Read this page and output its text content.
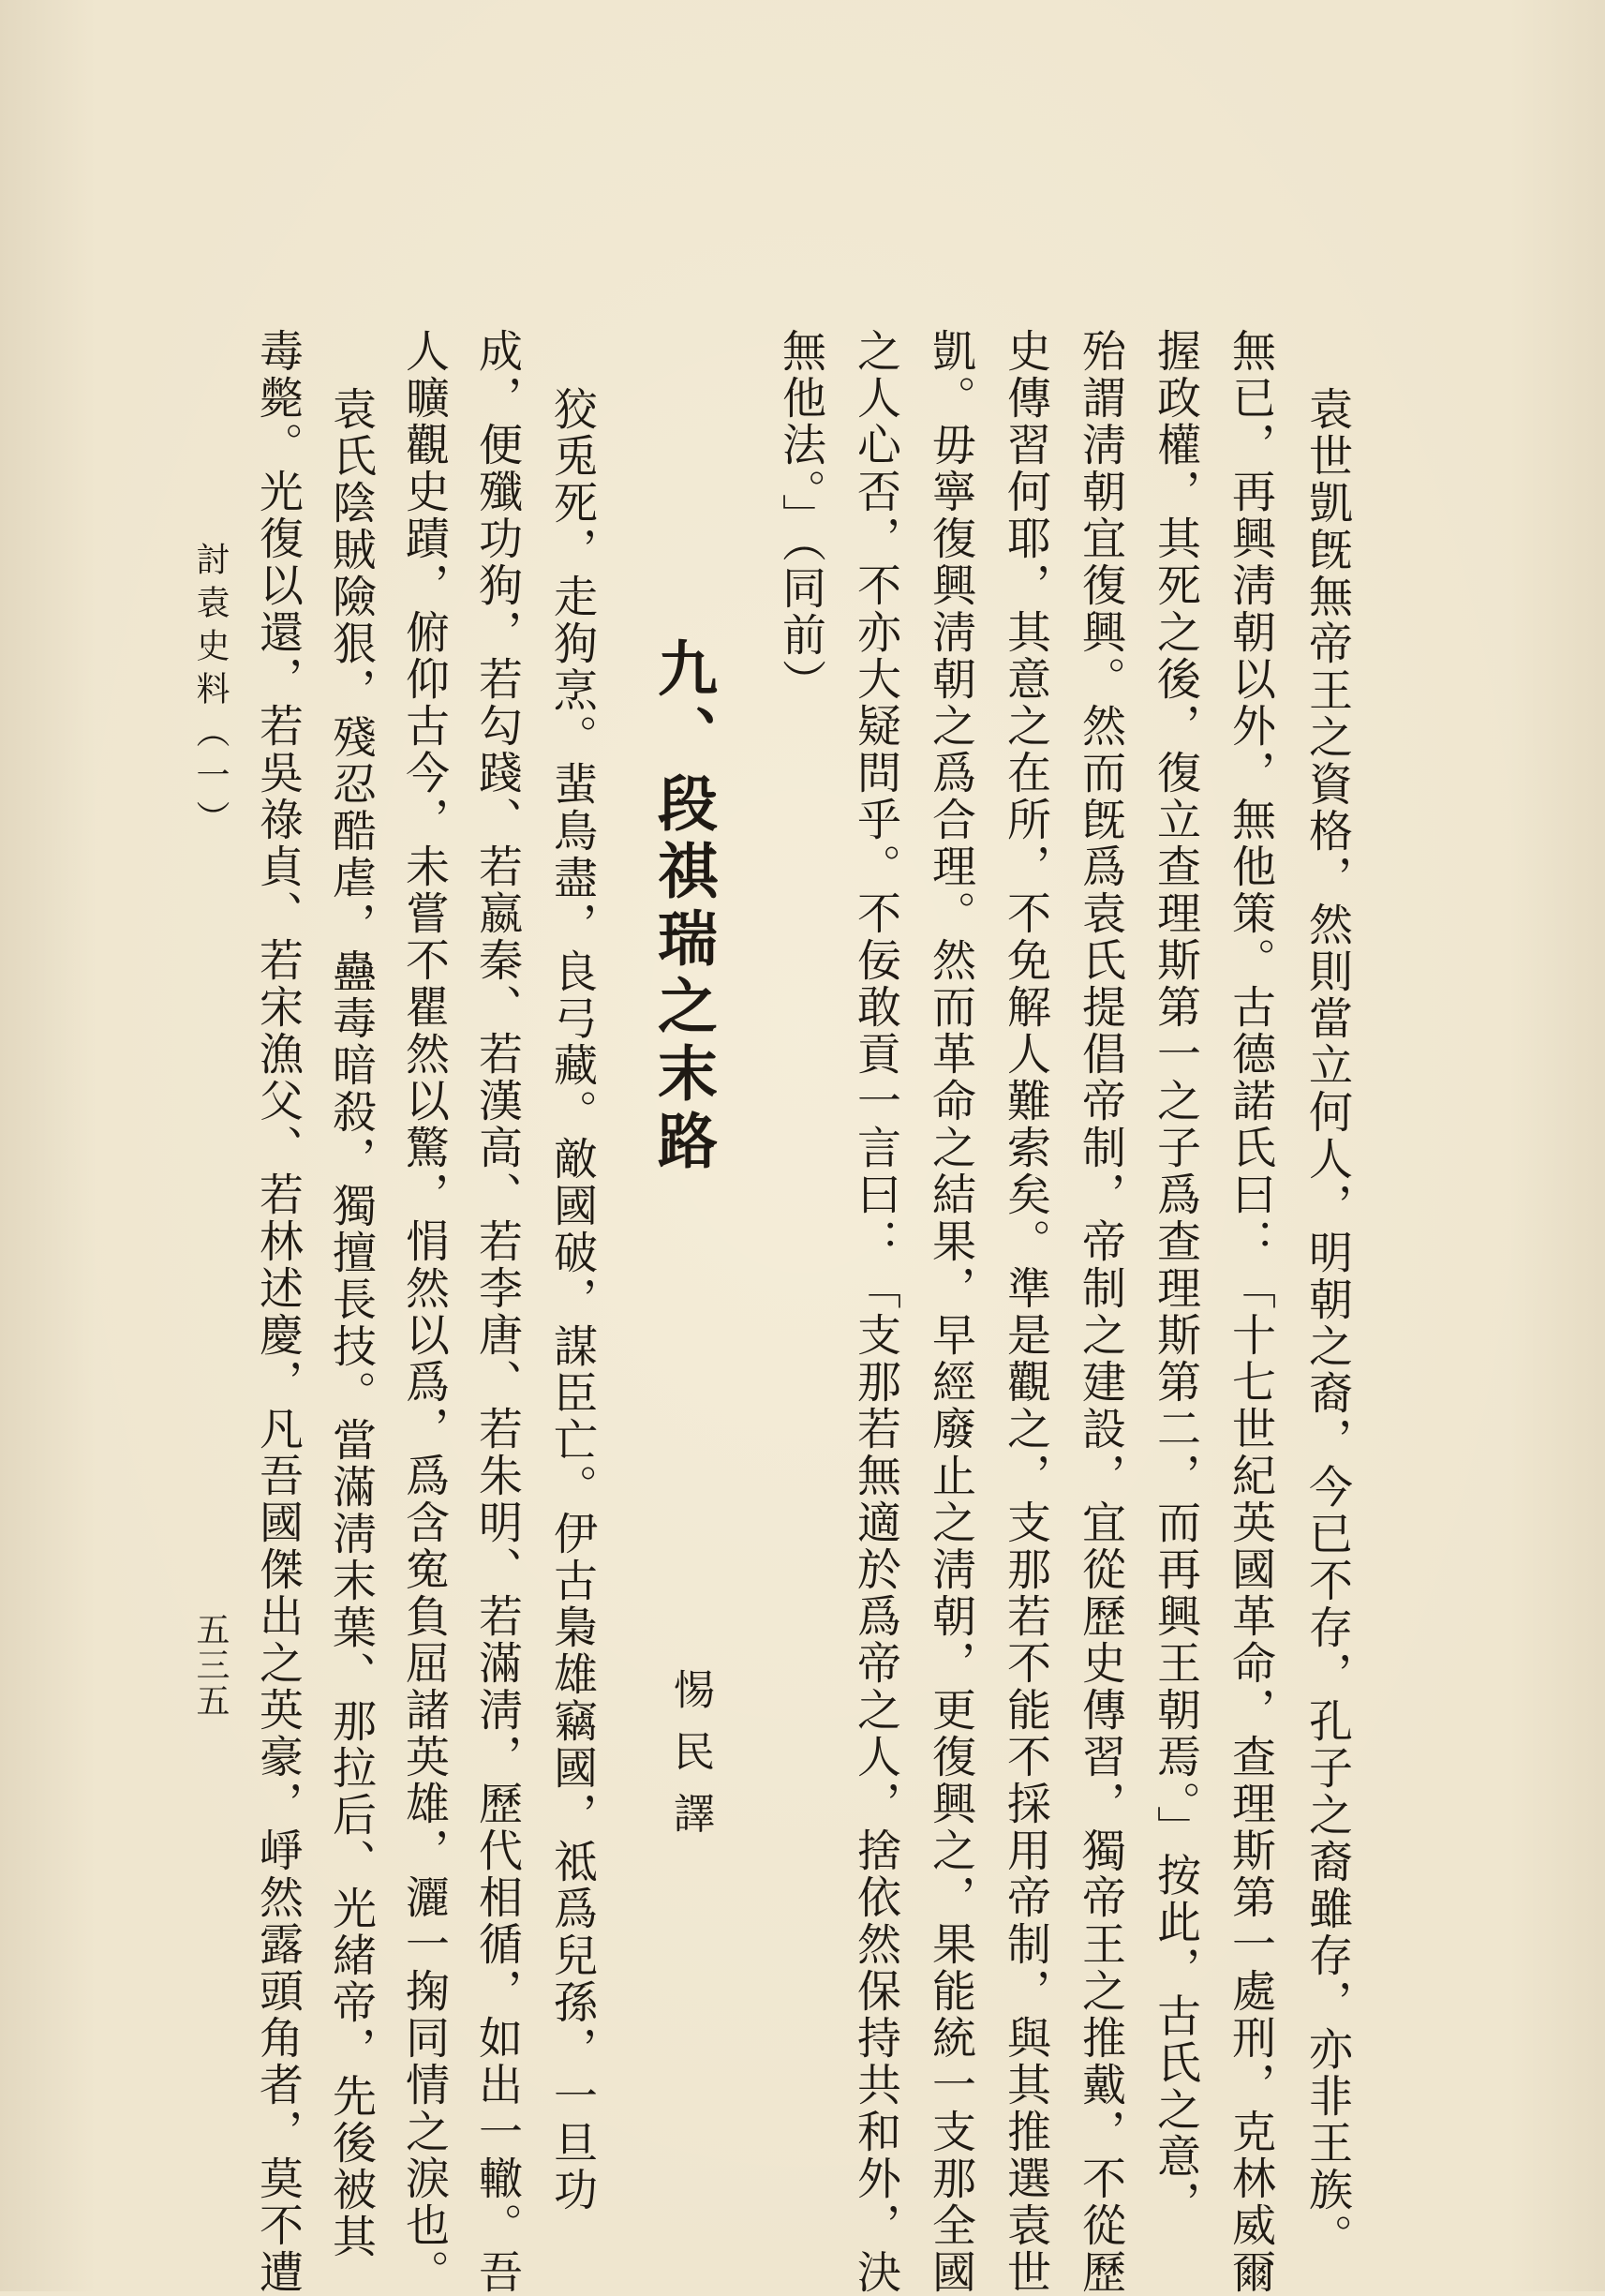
袁世凱旣無帝王之資格，然則當立何人，明朝之裔，今已不存，孔子之裔雖存，亦非王族。
無已，再興淸朝以外，無他策。古德諾氏曰：「十七世紀英國革命，查理斯第一處刑，克林威爾
握政權，其死之後，復立查理斯第一之子爲查理斯第二，而再興王朝焉。」按此，古氏之意，
殆謂淸朝宜復興。然而旣爲袁氏提倡帝制，帝制之建設，宜從歷史傳習，獨帝王之推戴，不從歷
史傳習何耶，其意之在所，不免解人難索矣。準是觀之，支那若不能不採用帝制，與其推選袁世
凱。毋寧復興淸朝之爲合理。然而革命之結果，早經廢止之淸朝，更復興之，果能統一支那全國
之人心否，不亦大疑問乎。不佞敢貢一言曰：「支那若無適於爲帝之人，捨依然保持共和外，決
無他法。」（同前）
九、段祺瑞之末路
惕民譯
狡兎死，走狗烹。蜚鳥盡，良弓藏。敵國破，謀臣亡。伊古梟雄竊國，祗爲兒孫，一旦功
成，便殲功狗，若勾踐、若嬴秦、若漢高、若李唐、若朱明、若滿淸，歷代相循，如出一轍。吾
人曠觀史蹟，俯仰古今，未嘗不瞿然以驚，悁然以爲，爲含寃負屈諸英雄，灑一掬同情之淚也。
袁氏陰賊險狠，殘忍酷虐，蠱毒暗殺，獨擅長技。當滿淸末葉、那拉后、光緒帝，先後被其
毒斃。光復以還，若吳祿貞、若宋漁父、若林述慶，凡吾國傑出之英豪，崢然露頭角者，莫不遭
討袁史料（一）
五三五
